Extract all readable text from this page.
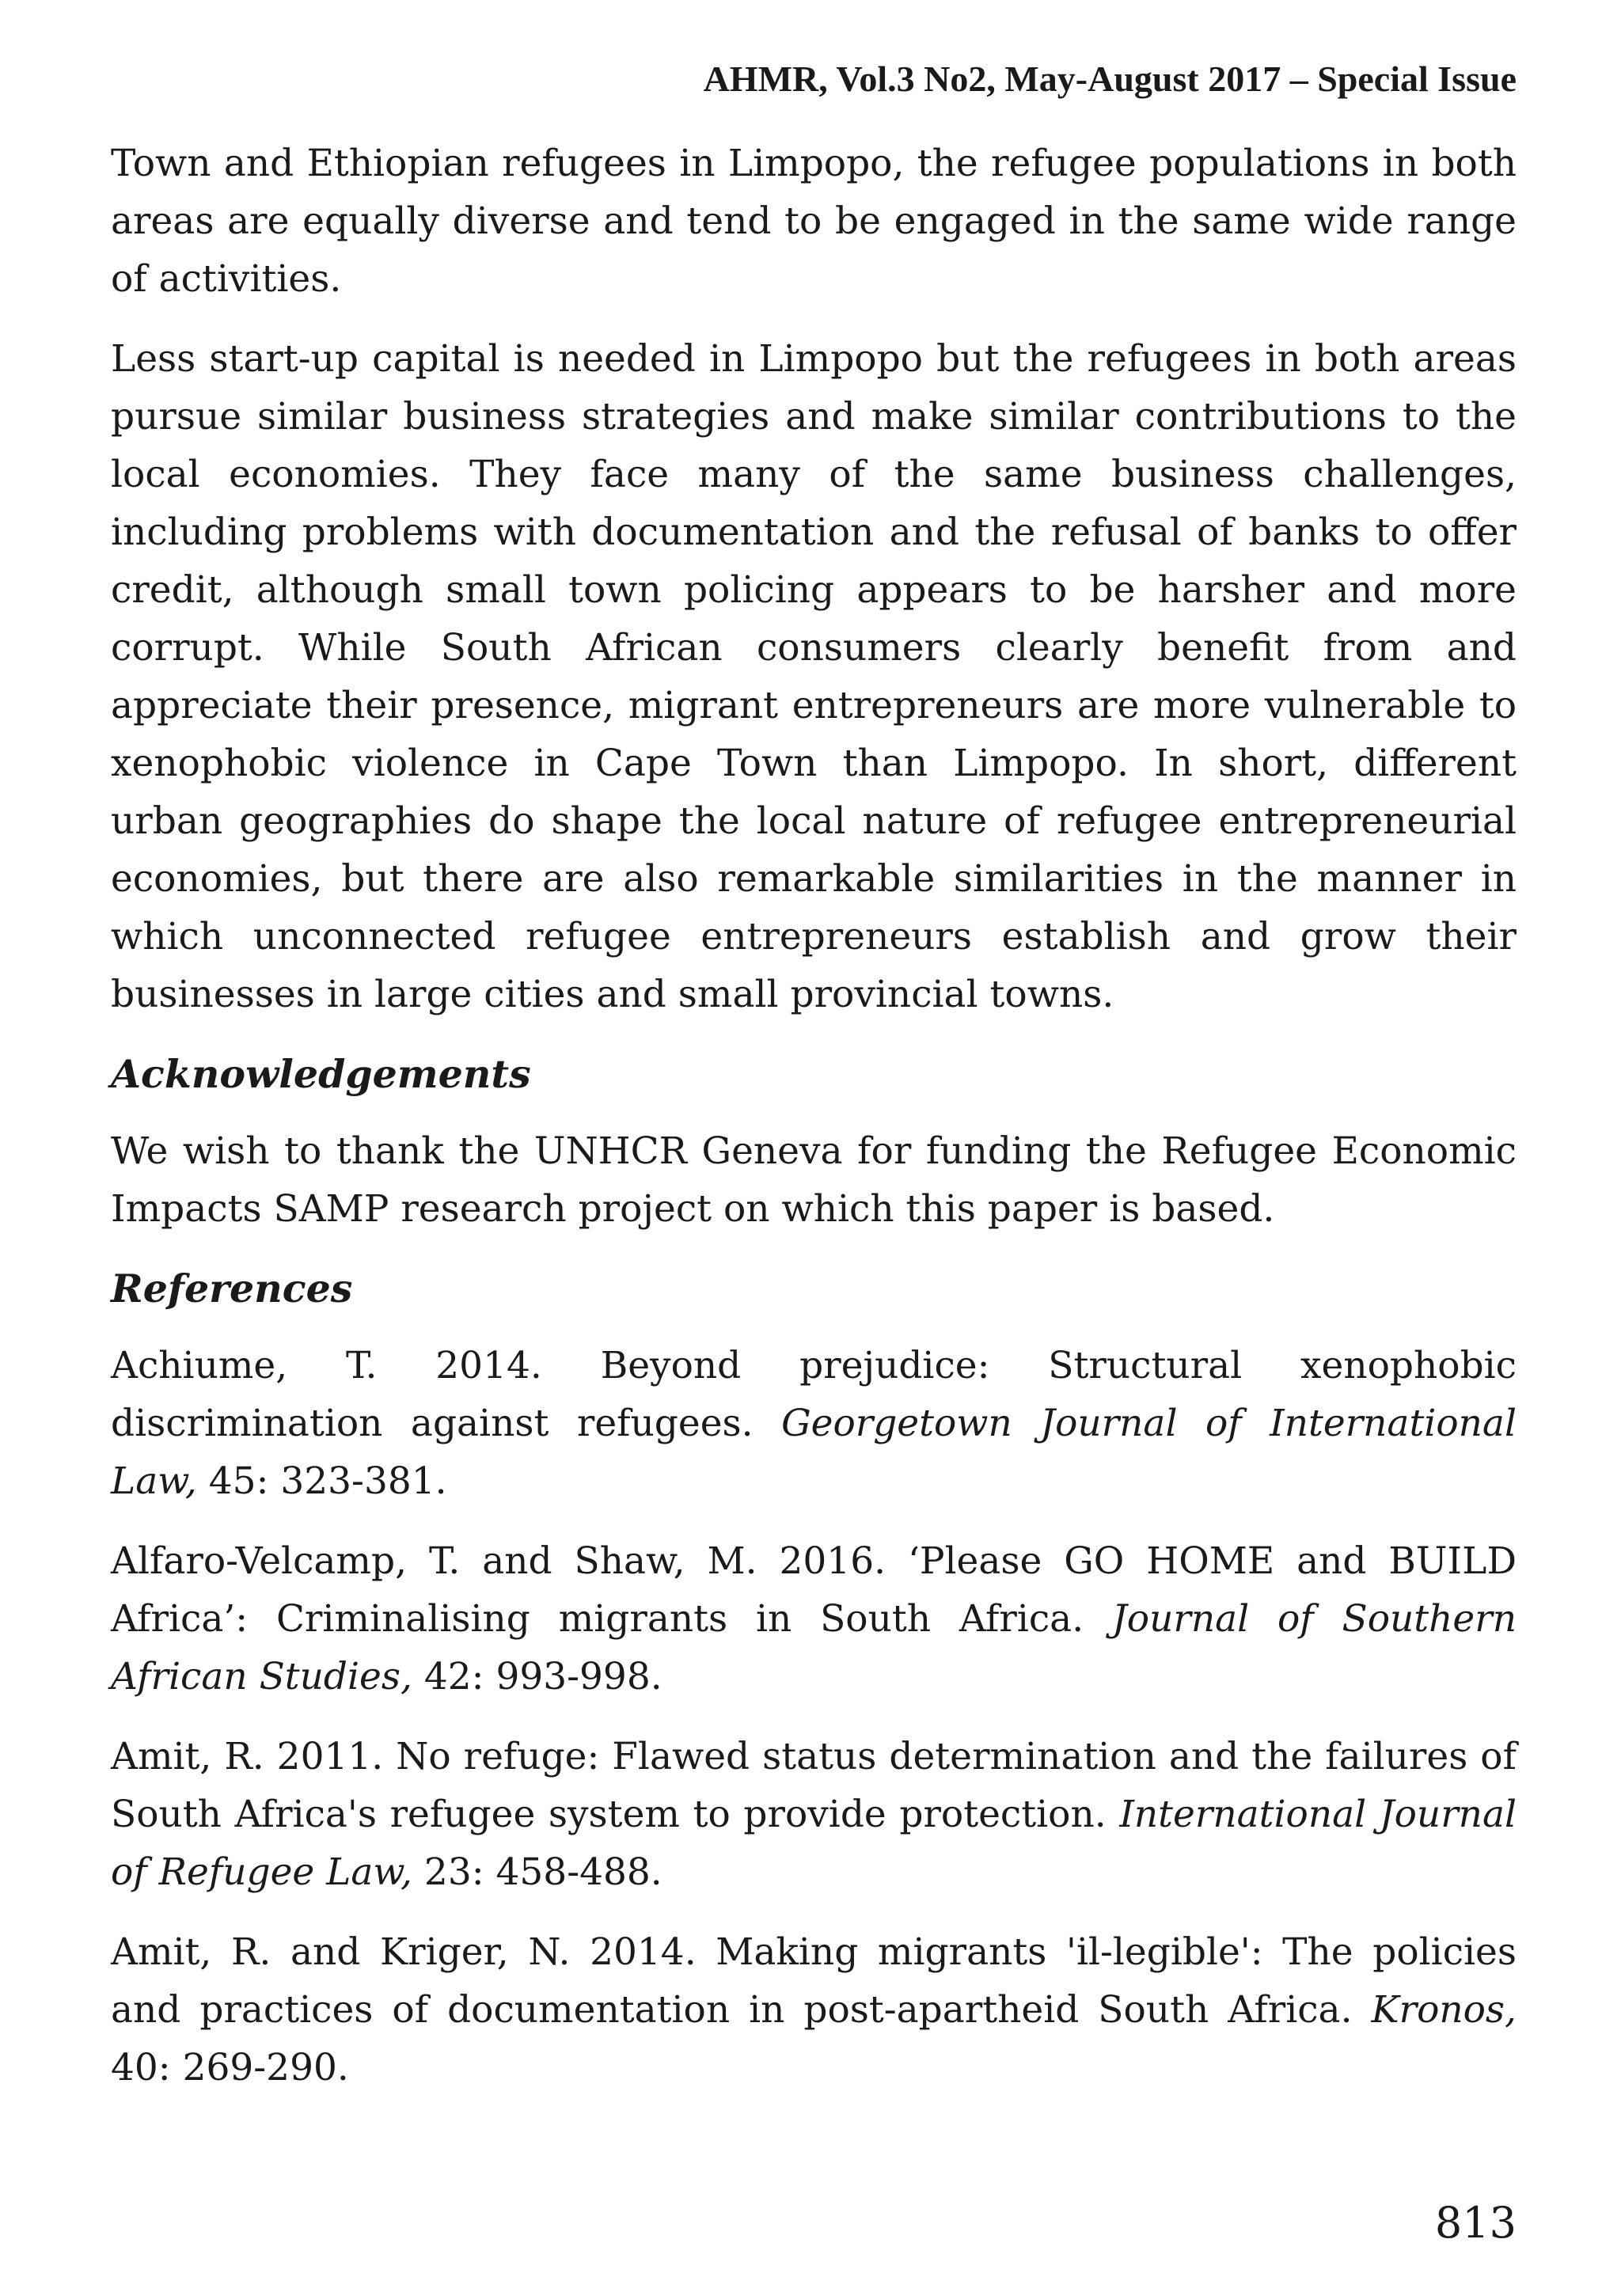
AHMR, Vol.3 No2, May-August 2017 – Special Issue

Town and Ethiopian refugees in Limpopo, the refugee populations in both areas are equally diverse and tend to be engaged in the same wide range of activities.

Less start-up capital is needed in Limpopo but the refugees in both areas pursue similar business strategies and make similar contributions to the local economies. They face many of the same business challenges, including problems with documentation and the refusal of banks to offer credit, although small town policing appears to be harsher and more corrupt. While South African consumers clearly benefit from and appreciate their presence, migrant entrepreneurs are more vulnerable to xenophobic violence in Cape Town than Limpopo. In short, different urban geographies do shape the local nature of refugee entrepreneurial economies, but there are also remarkable similarities in the manner in which unconnected refugee entrepreneurs establish and grow their businesses in large cities and small provincial towns.

Acknowledgements

We wish to thank the UNHCR Geneva for funding the Refugee Economic Impacts SAMP research project on which this paper is based.

References

Achiume, T. 2014. Beyond prejudice: Structural xenophobic discrimination against refugees. Georgetown Journal of International Law, 45: 323-381.

Alfaro-Velcamp, T. and Shaw, M. 2016. ‘Please GO HOME and BUILD Africa’: Criminalising migrants in South Africa. Journal of Southern African Studies, 42: 993-998.

Amit, R. 2011. No refuge: Flawed status determination and the failures of South Africa's refugee system to provide protection. International Journal of Refugee Law, 23: 458-488.

Amit, R. and Kriger, N. 2014. Making migrants 'il-legible': The policies and practices of documentation in post-apartheid South Africa. Kronos, 40: 269-290.

813
